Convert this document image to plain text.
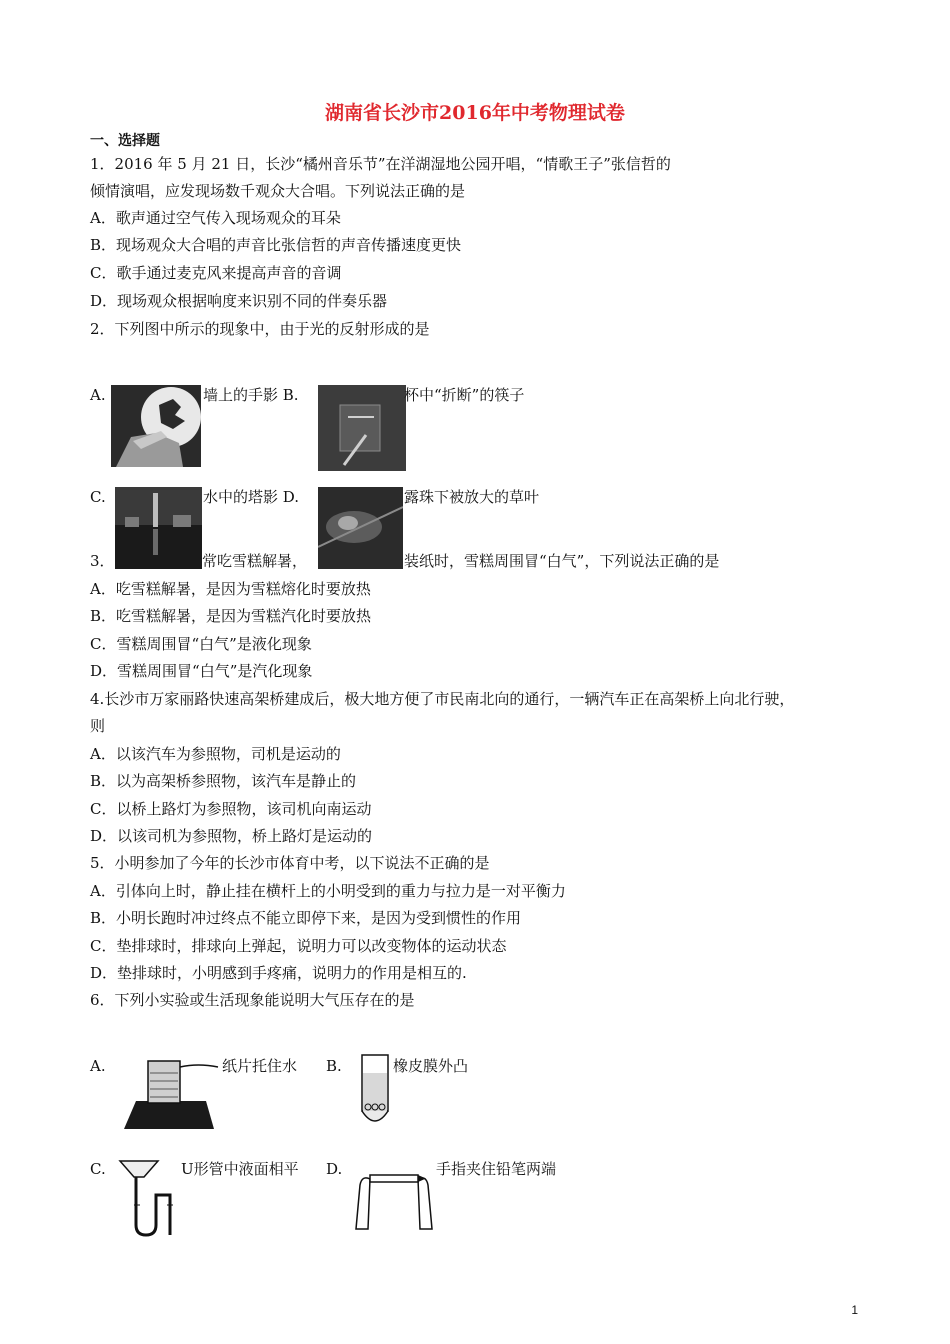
湖南省长沙市2016年中考物理试卷
一、选择题
1．2016 年 5 月 21 日，长沙“橘州音乐节”在洋湖湿地公园开唱，“情歌王子”张信哲的
倾情演唱，应发现场数千观众大合唱。下列说法正确的是
A．歌声通过空气传入现场观众的耳朵
B．现场观众大合唱的声音比张信哲的声音传播速度更快
C．歌手通过麦克风来提高声音的音调
D．现场观众根据响度来识别不同的伴奏乐器
2．下列图中所示的现象中，由于光的反射形成的是
A.	墙上的手影 B.	杯中“折断”的筷子
C.	水中的塔影 D.	露珠下被放大的草叶
3．	常吃雪糕解暑，	装纸时，雪糕周围冒“白气”，下列说法正确的是
A．吃雪糕解暑，是因为雪糕熔化时要放热
B．吃雪糕解暑，是因为雪糕汽化时要放热
C．雪糕周围冒“白气”是液化现象
D．雪糕周围冒“白气”是汽化现象
4.长沙市万家丽路快速高架桥建成后，极大地方便了市民南北向的通行，一辆汽车正在高架桥上向北行驶，
则
A．以该汽车为参照物，司机是运动的
B．以为高架桥参照物，该汽车是静止的
C．以桥上路灯为参照物，该司机向南运动
D．以该司机为参照物，桥上路灯是运动的
5．小明参加了今年的长沙市体育中考，以下说法不正确的是
A．引体向上时，静止挂在横杆上的小明受到的重力与拉力是一对平衡力
B．小明长跑时冲过终点不能立即停下来，是因为受到惯性的作用
C．垫排球时，排球向上弹起，说明力可以改变物体的运动状态
D．垫排球时，小明感到手疼痛，说明力的作用是相互的.
6．下列小实验或生活现象能说明大气压存在的是
A.	纸片托住水 B.	橡皮膜外凸
C.	U形管中液面相平 D.	手指夹住铅笔两端
1
